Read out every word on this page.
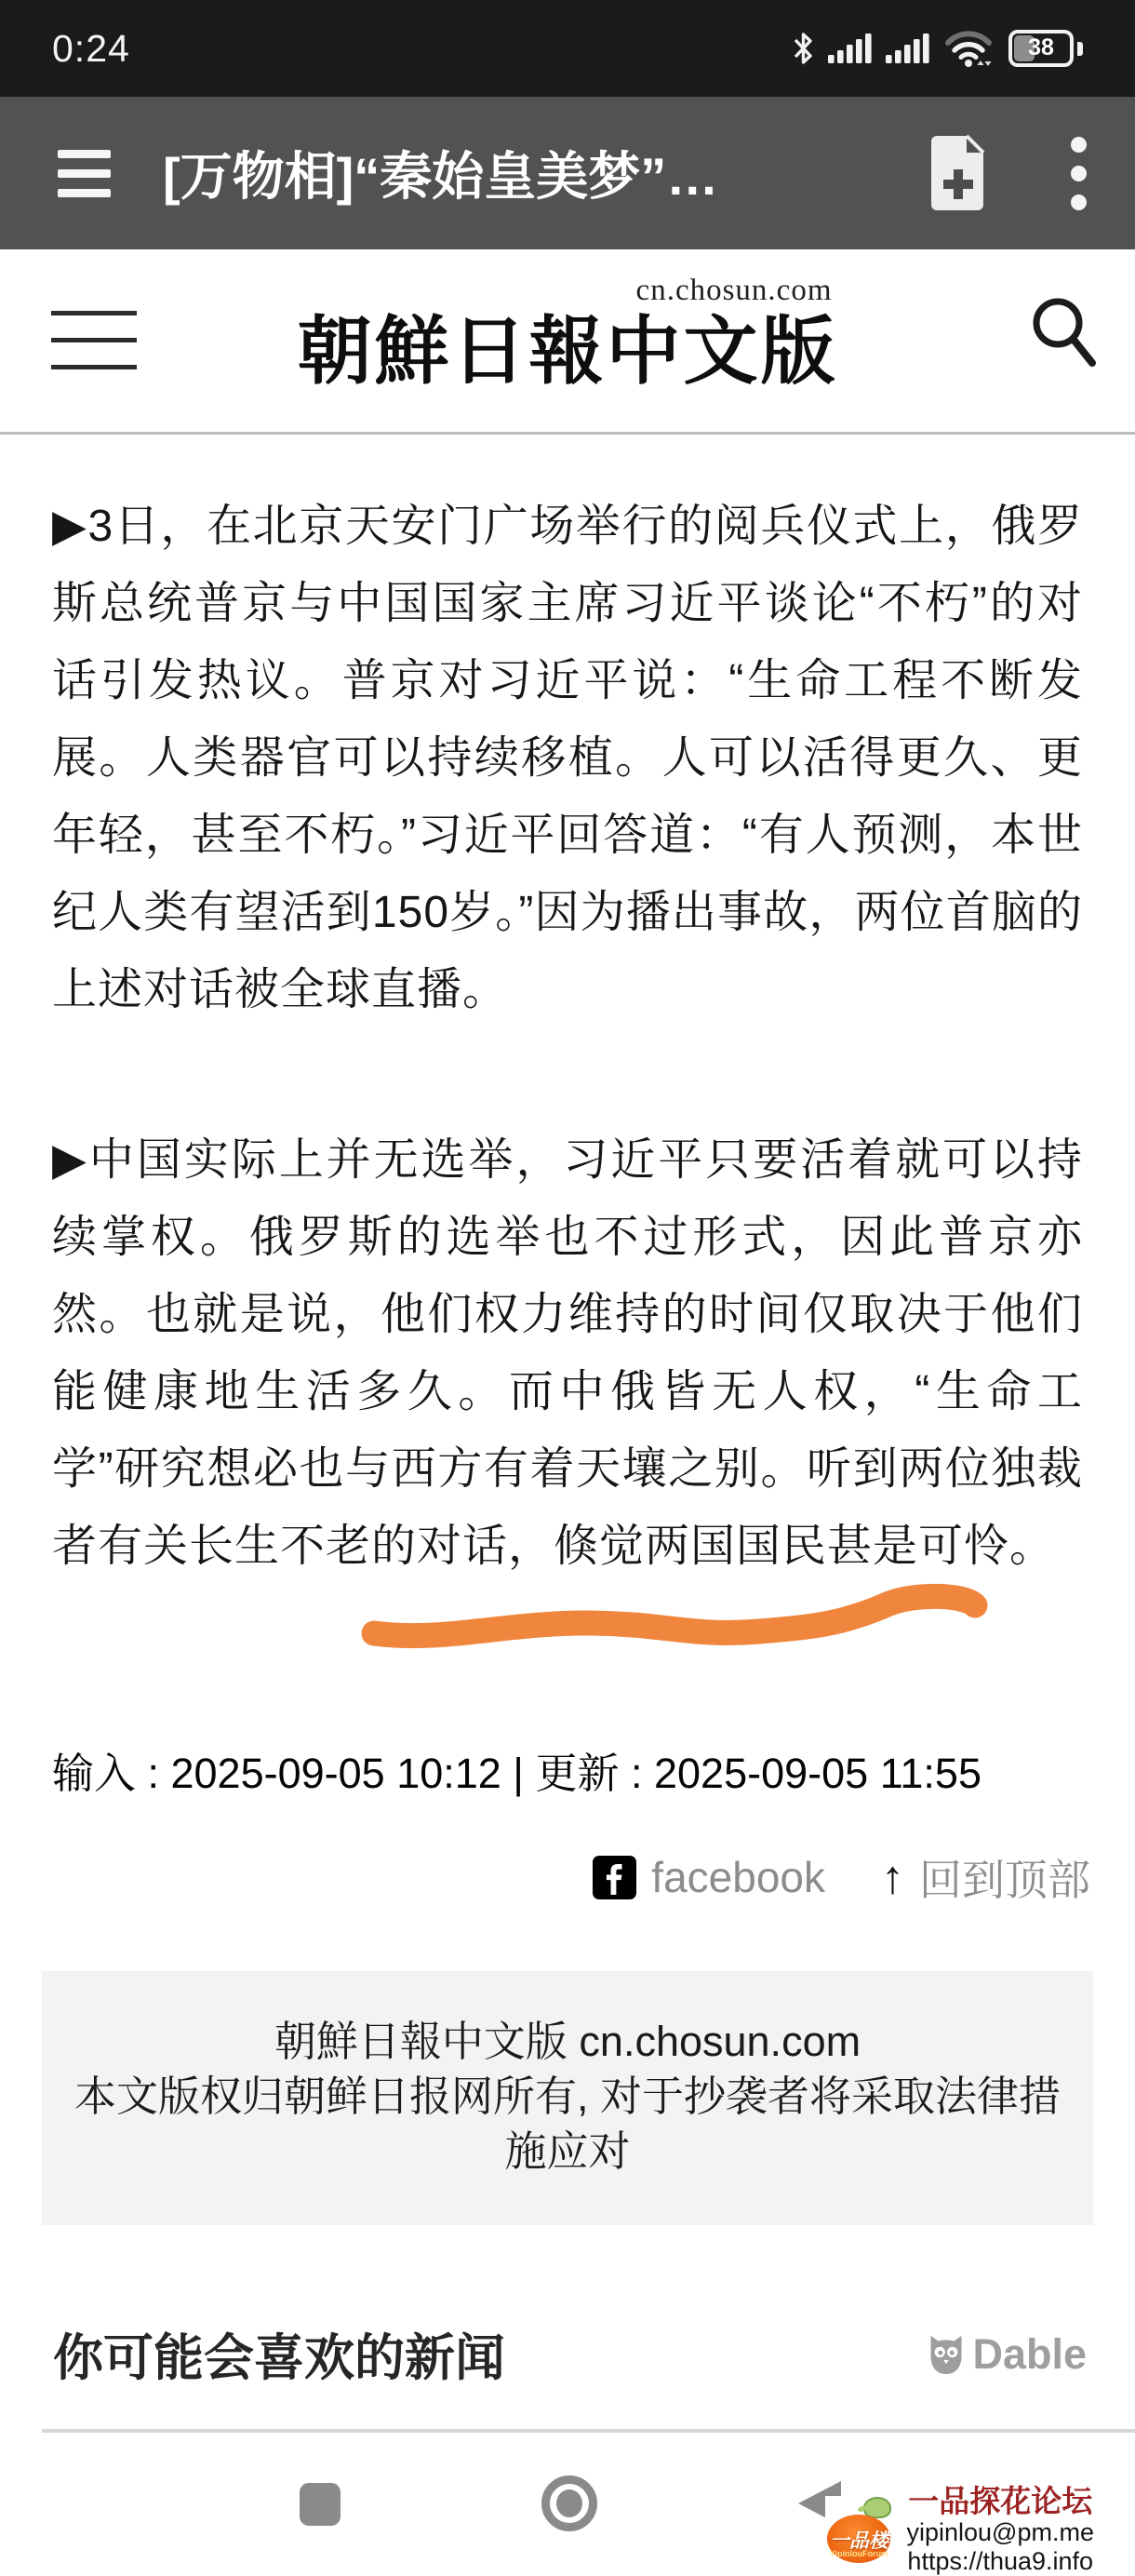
0:24	38
[万物相]“秦始皇美梦”…
cn.chosun.com
朝鮮日報中文版

▶3日，在北京天安门广场举行的阅兵仪式上，俄罗斯总统普京与中国国家主席习近平谈论“不朽”的对话引发热议。普京对习近平说：“生命工程不断发展。人类器官可以持续移植。人可以活得更久、更年轻，甚至不朽。”习近平回答道：“有人预测，本世纪人类有望活到150岁。”因为播出事故，两位首脑的上述对话被全球直播。

▶中国实际上并无选举，习近平只要活着就可以持续掌权。俄罗斯的选举也不过形式，因此普京亦然。也就是说，他们权力维持的时间仅取决于他们能健康地生活多久。而中俄皆无人权，“生命工学”研究想必也与西方有着天壤之别。听到两位独裁者有关长生不老的对话，倏觉两国国民甚是可怜。

输入 : 2025-09-05 10:12 | 更新 : 2025-09-05 11:55
facebook ↑ 回到顶部
朝鮮日報中文版 cn.chosun.com
本文版权归朝鲜日报网所有, 对于抄袭者将采取法律措
施应对
你可能会喜欢的新闻	Dable
一品楼
YipinlouForum
一品探花论坛
yipinlou@pm.me
https://thua9.info
